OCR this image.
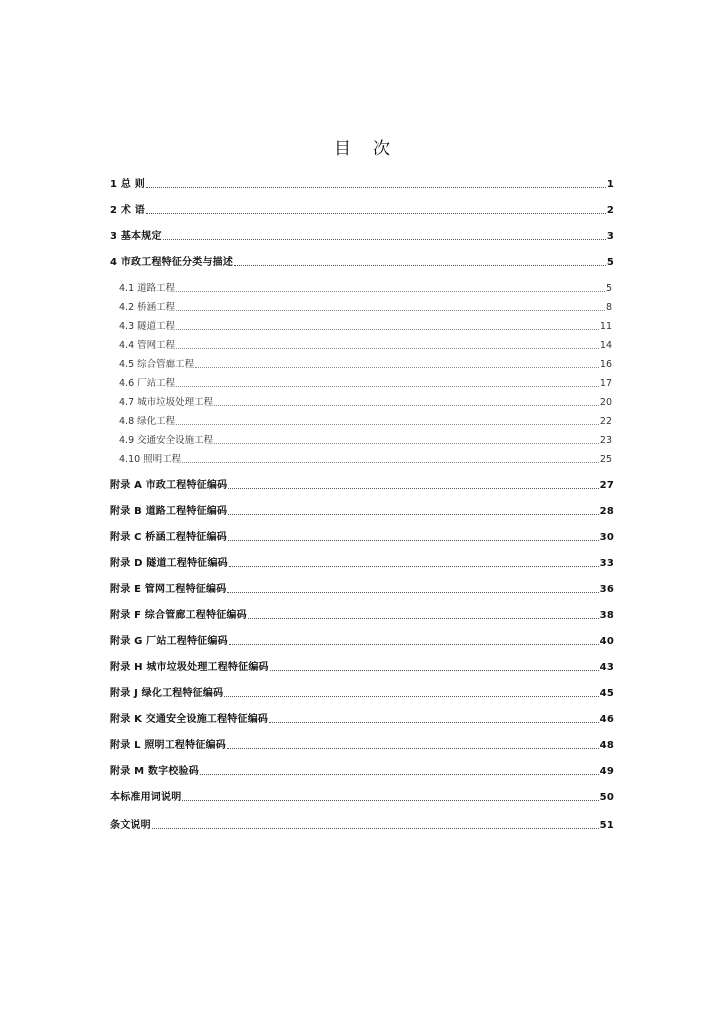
目 次
1 总 则	1
2 术 语	2
3 基本规定	3
4 市政工程特征分类与描述	5
4.1 道路工程	5
4.2 桥涵工程	8
4.3 隧道工程	11
4.4 管网工程	14
4.5 综合管廊工程	16
4.6 厂站工程	17
4.7 城市垃圾处理工程	20
4.8 绿化工程	22
4.9 交通安全设施工程	23
4.10 照明工程	25
附录 A 市政工程特征编码	27
附录 B 道路工程特征编码	28
附录 C 桥涵工程特征编码	30
附录 D 隧道工程特征编码	33
附录 E 管网工程特征编码	36
附录 F 综合管廊工程特征编码	38
附录 G 厂站工程特征编码	40
附录 H 城市垃圾处理工程特征编码	43
附录 J 绿化工程特征编码	45
附录 K 交通安全设施工程特征编码	46
附录 L 照明工程特征编码	48
附录 M 数字校验码	49
本标准用词说明	50
条文说明	51
